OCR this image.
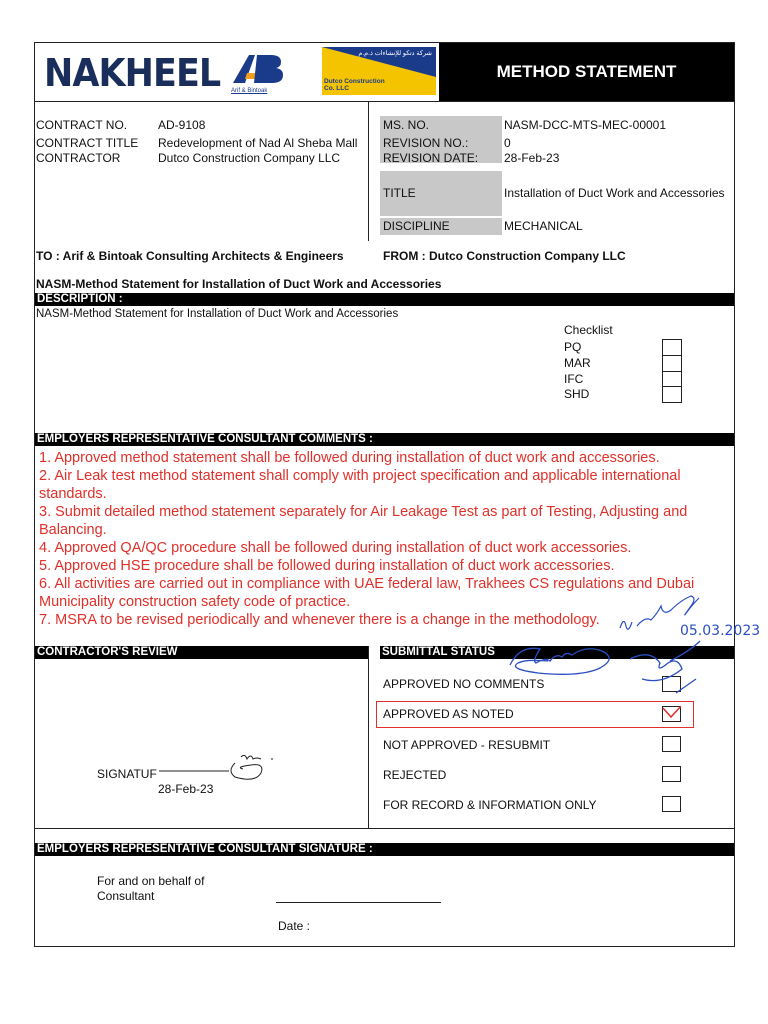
NAKHEEL Arif & Bintoak
شركة دتكو للإنشاءات ذ.م.م
Dutco Construction Co. LLC
METHOD STATEMENT
CONTRACT NO.	AD-9108
CONTRACT TITLE Redevelopment of Nad Al Sheba Mall
CONTRACTOR	Dutco Construction Company LLC
MS. NO.	NASM-DCC-MTS-MEC-00001
REVISION NO.:	0
REVISION DATE: 28-Feb-23
TITLE	Installation of Duct Work and Accessories
DISCIPLINE	MECHANICAL
TO : Arif & Bintoak Consulting Architects & Engineers	FROM : Dutco Construction Company LLC
NASM-Method Statement for Installation of Duct Work and Accessories
DESCRIPTION :
NASM-Method Statement for Installation of Duct Work and Accessories
Checklist
PQ
MAR
IFC
SHD
EMPLOYERS REPRESENTATIVE CONSULTANT COMMENTS :
1. Approved method statement shall be followed during installation of duct work and accessories.
2. Air Leak test method statement shall comply with project specification and applicable international standards.
3. Submit detailed method statement separately for Air Leakage Test as part of Testing, Adjusting and Balancing.
4. Approved QA/QC procedure shall be followed during installation of duct work accessories.
5. Approved HSE procedure shall be followed during installation of duct work accessories.
6. All activities are carried out in compliance with UAE federal law, Trakhees CS regulations and Dubai Municipality construction safety code of practice.
7. MSRA to be revised periodically and whenever there is a change in the methodology.
05.03.2023
CONTRACTOR'S REVIEW	SUBMITTAL STATUS
SIGNATUF
28-Feb-23
APPROVED NO COMMENTS
APPROVED AS NOTED
NOT APPROVED - RESUBMIT
REJECTED
FOR RECORD & INFORMATION ONLY
EMPLOYERS REPRESENTATIVE CONSULTANT SIGNATURE :
For and on behalf of
Consultant
Date :
